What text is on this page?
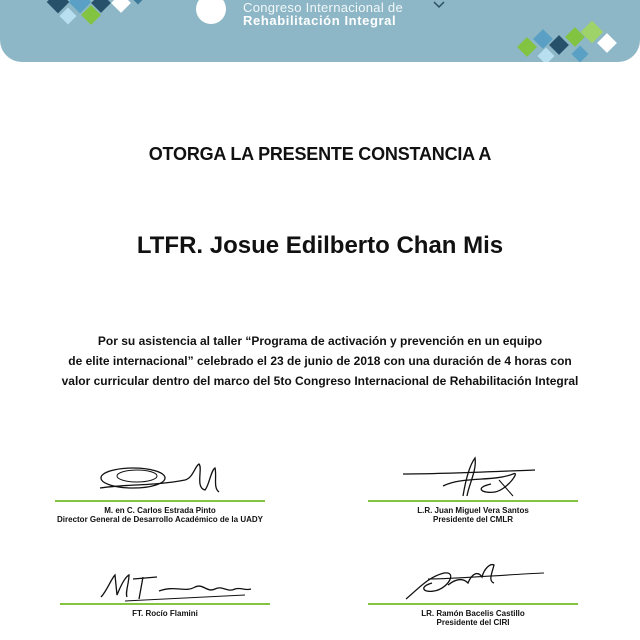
Congreso Internacional de
Rehabilitación Integral
OTORGA LA PRESENTE CONSTANCIA A
LTFR. Josue Edilberto Chan Mis
Por su asistencia al taller “Programa de activación y prevención en un equipo
de elite internacional” celebrado el 23 de junio de 2018 con una duración de 4 horas con
valor curricular dentro del marco del 5to Congreso Internacional de Rehabilitación Integral
M. en C. Carlos Estrada Pinto
Director General de Desarrollo Académico de la UADY
L.R. Juan Miguel Vera Santos
Presidente del CMLR
FT. Rocío Flamini	LR. Ramón Bacelis Castillo
Presidente del CIRI
